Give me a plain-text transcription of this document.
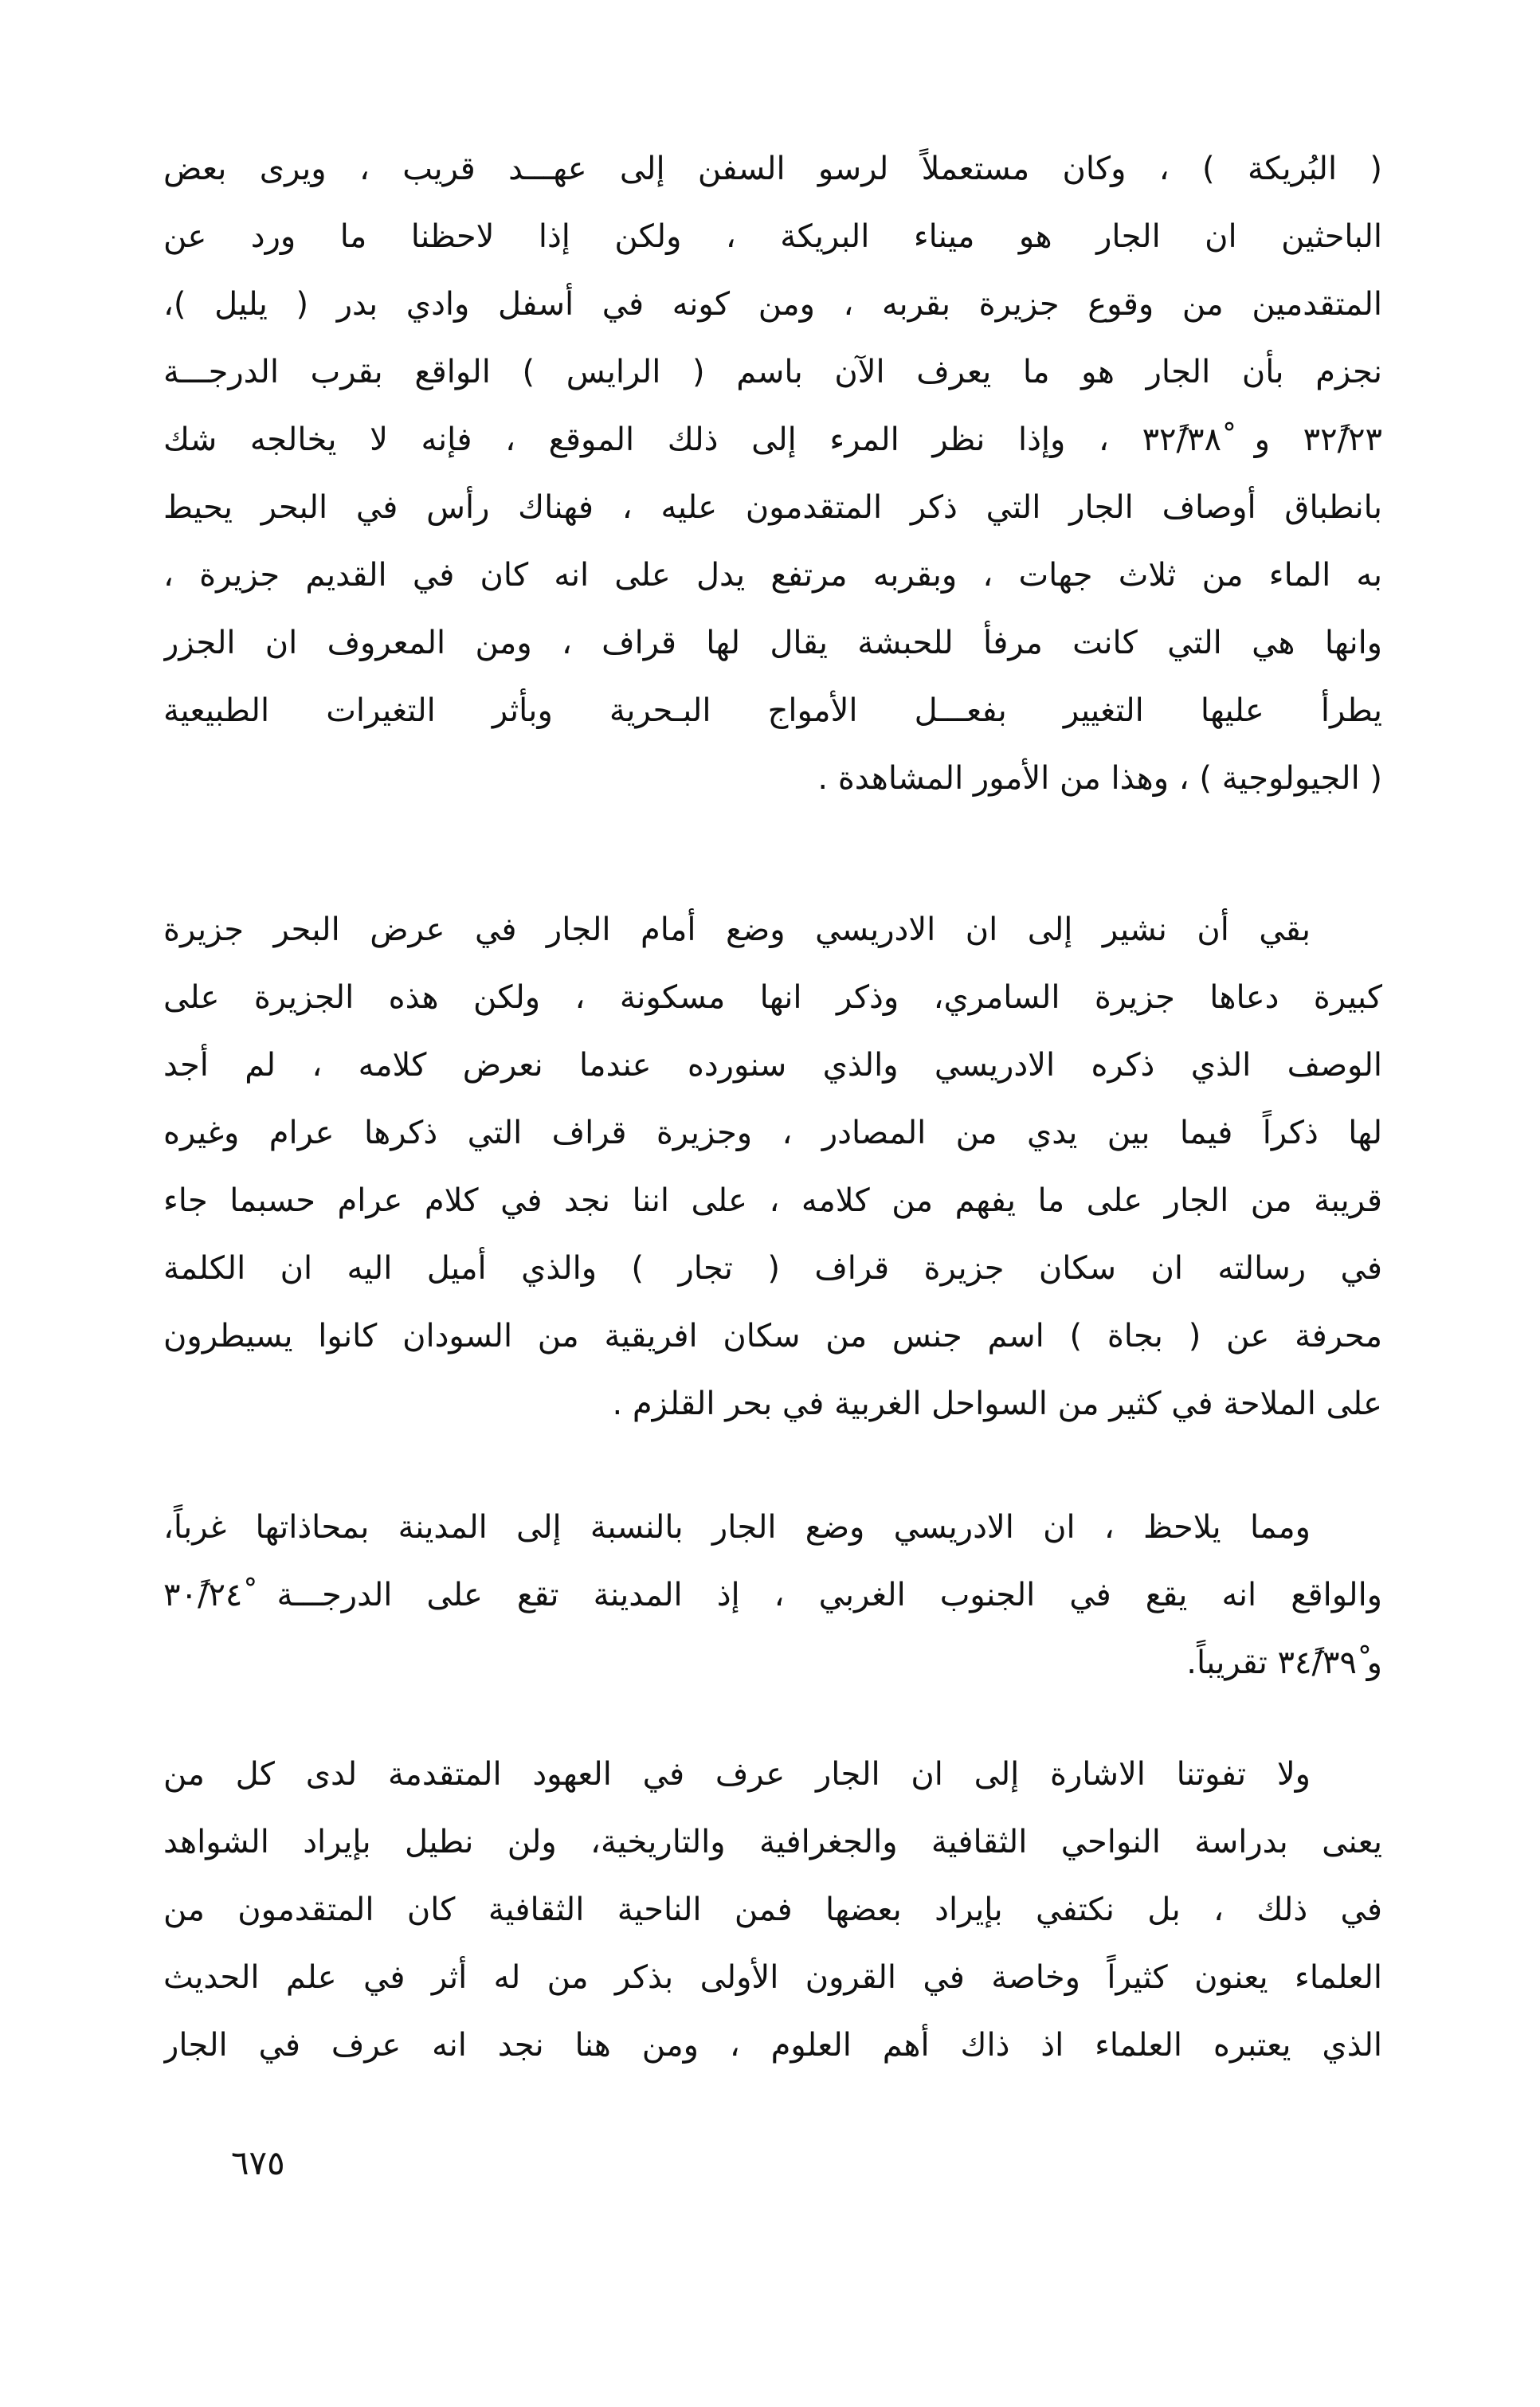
( البُريكة ) ، وكان مستعملاً لرسو السفن إلى عهـــد قريب ، ويرى بعض
الباحثين ان الجار هو ميناء البريكة ، ولكن إذا لاحظنا ما ورد عن
المتقدمين من وقوع جزيرة بقربه ، ومن كونه في أسفل وادي بدر ( يليل )،
نجزم بأن الجار هو ما يعرف الآن باسم ( الرايس ) الواقع بقرب الدرجـــة
٣٢ً/٢٣ْ و ٣٢ً/٣٨ْ ، وإذا نظر المرء إلى ذلك الموقع ، فإنه لا يخالجه شك
بانطباق أوصاف الجار التي ذكر المتقدمون عليه ، فهناك رأس في البحر يحيط
به الماء من ثلاث جهات ، وبقربه مرتفع يدل على انه كان في القديم جزيرة ،
وانها هي التي كانت مرفأ للحبشة يقال لها قراف ، ومن المعروف ان الجزر
يطرأ عليها التغيير بفعـــل الأمواج البـحرية وبأثر التغيرات الطبيعية
( الجيولوجية ) ، وهذا من الأمور المشاهدة .

بقي أن نشير إلى ان الادريسي وضع أمام الجار في عرض البحر جزيرة
كبيرة دعاها جزيرة السامري، وذكر انها مسكونة ، ولكن هذه الجزيرة على
الوصف الذي ذكره الادريسي والذي سنورده عندما نعرض كلامه ، لم أجد
لها ذكراً فيما بين يدي من المصادر ، وجزيرة قراف التي ذكرها عرام وغيره
قريبة من الجار على ما يفهم من كلامه ، على اننا نجد في كلام عرام حسبما جاء
في رسالته ان سكان جزيرة قراف ( تجار ) والذي أميل اليه ان الكلمة
محرفة عن ( بجاة ) اسم جنس من سكان افريقية من السودان كانوا يسيطرون
على الملاحة في كثير من السواحل الغربية في بحر القلزم .

ومما يلاحظ ، ان الادريسي وضع الجار بالنسبة إلى المدينة بمحاذاتها غرباً،
والواقع انه يقع في الجنوب الغربي ، إذ المدينة تقع على الدرجـــة ٣٠ً/٢٤ْ
و ٣٤ً/٣٩ْ تقريباً.

ولا تفوتنا الاشارة إلى ان الجار عرف في العهود المتقدمة لدى كل من
يعنى بدراسة النواحي الثقافية والجغرافية والتاريخية، ولن نطيل بإيراد الشواهد
في ذلك ، بل نكتفي بإيراد بعضها فمن الناحية الثقافية كان المتقدمون من
العلماء يعنون كثيراً وخاصة في القرون الأولى بذكر من له أثر في علم الحديث
الذي يعتبره العلماء اذ ذاك أهم العلوم ، ومن هنا نجد انه عرف في الجار

٦٧٥
